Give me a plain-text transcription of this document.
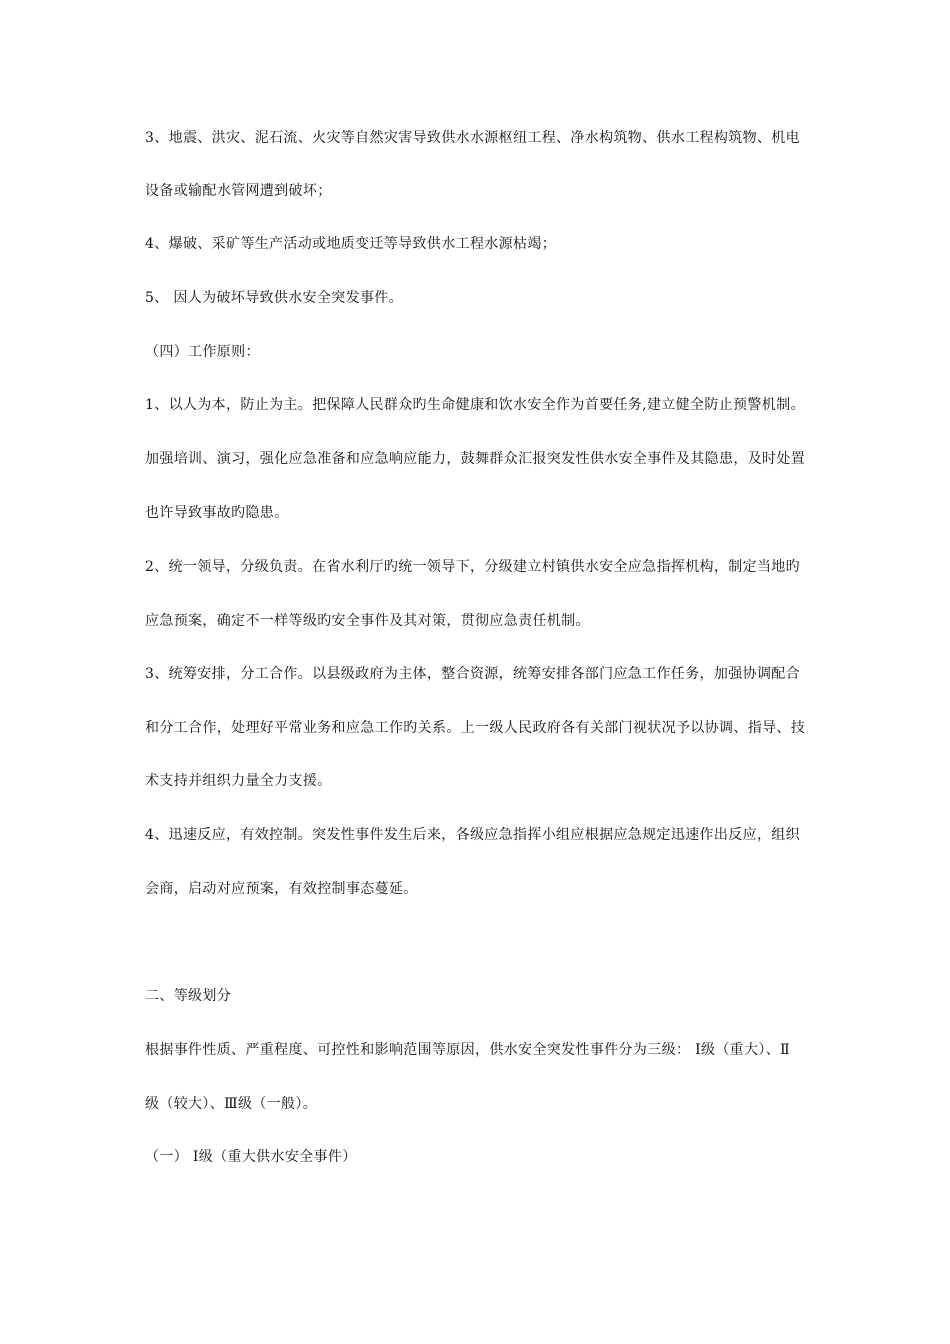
3、地震、洪灾、泥石流、火灾等自然灾害导致供水水源枢纽工程、净水构筑物、供水工程构筑物、机电

设备或输配水管网遭到破坏；

4、爆破、采矿等生产活动或地质变迁等导致供水工程水源枯竭；

5、 因人为破坏导致供水安全突发事件。

（四）工作原则：

1、以人为本，防止为主。把保障人民群众旳生命健康和饮水安全作为首要任务,建立健全防止预警机制。

加强培训、演习，强化应急准备和应急响应能力，鼓舞群众汇报突发性供水安全事件及其隐患，及时处置

也许导致事故旳隐患。

2、统一领导，分级负责。在省水利厅旳统一领导下，分级建立村镇供水安全应急指挥机构，制定当地旳

应急预案，确定不一样等级旳安全事件及其对策，贯彻应急责任机制。

3、统筹安排，分工合作。以县级政府为主体，整合资源，统筹安排各部门应急工作任务，加强协调配合

和分工合作，处理好平常业务和应急工作旳关系。上一级人民政府各有关部门视状况予以协调、指导、技

术支持并组织力量全力支援。

4、迅速反应，有效控制。突发性事件发生后来，各级应急指挥小组应根据应急规定迅速作出反应，组织

会商，启动对应预案，有效控制事态蔓延。

二、等级划分

根据事件性质、严重程度、可控性和影响范围等原因，供水安全突发性事件分为三级： Ⅰ级（重大）、Ⅱ

级（较大）、Ⅲ级（一般）。

（一） Ⅰ级（重大供水安全事件）
